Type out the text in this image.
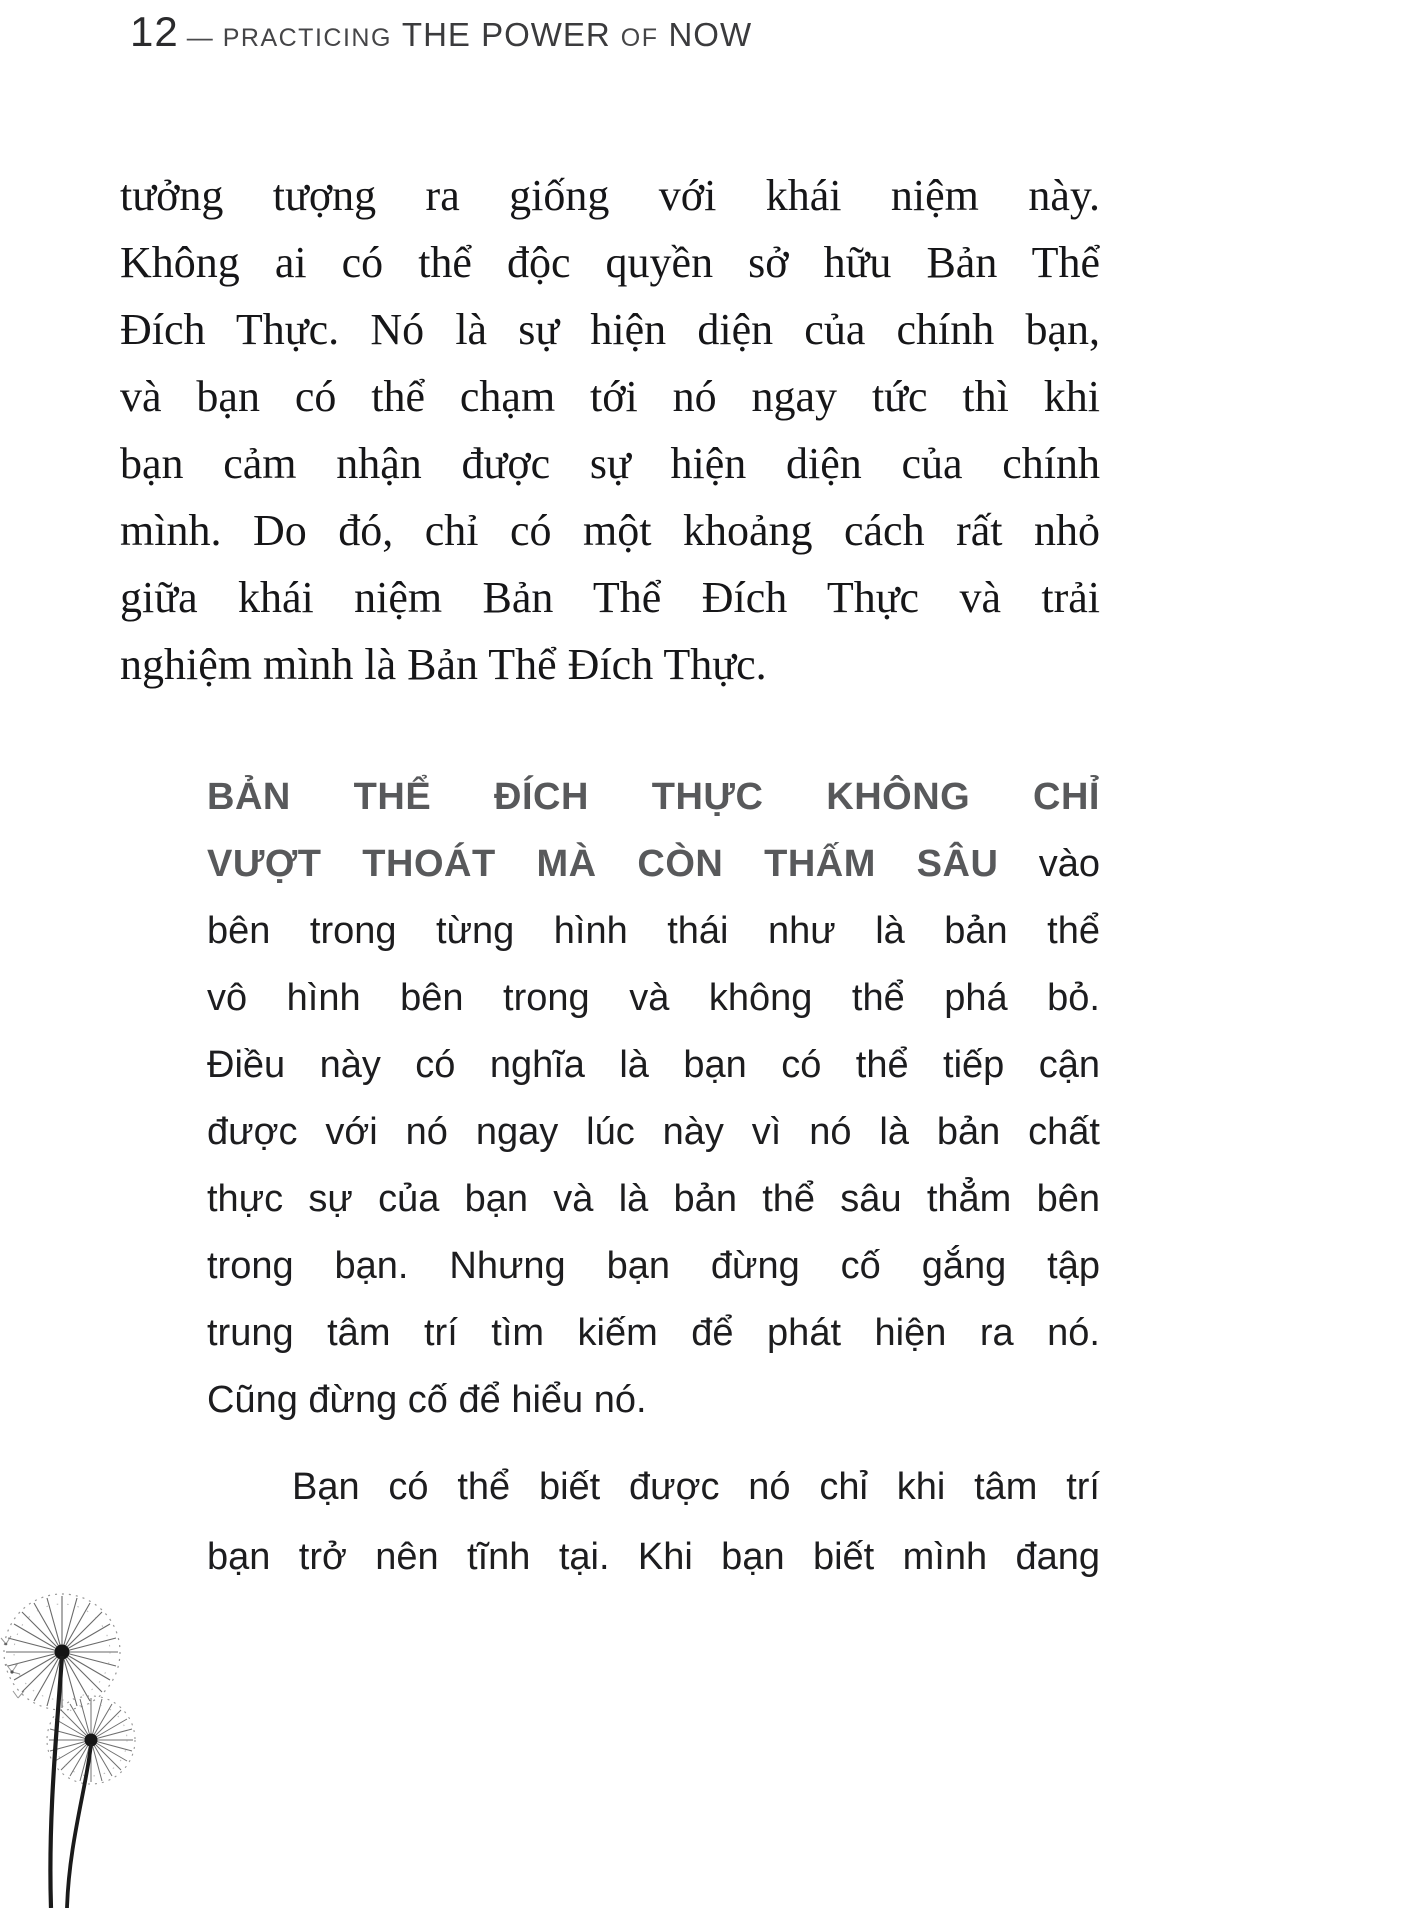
12 — PRACTICING THE POWER OF NOW
tưởng tượng ra giống với khái niệm này.
Không ai có thể độc quyền sở hữu Bản Thể
Đích Thực. Nó là sự hiện diện của chính bạn,
và bạn có thể chạm tới nó ngay tức thì khi
bạn cảm nhận được sự hiện diện của chính
mình. Do đó, chỉ có một khoảng cách rất nhỏ
giữa khái niệm Bản Thể Đích Thực và trải
nghiệm mình là Bản Thể Đích Thực.
BẢN THỂ ĐÍCH THỰC KHÔNG CHỈ
VƯỢT THOÁT MÀ CÒN THẤM SÂU vào
bên trong từng hình thái như là bản thể
vô hình bên trong và không thể phá bỏ.
Điều này có nghĩa là bạn có thể tiếp cận
được với nó ngay lúc này vì nó là bản chất
thực sự của bạn và là bản thể sâu thẳm bên
trong bạn. Nhưng bạn đừng cố gắng tập
trung tâm trí tìm kiếm để phát hiện ra nó.
Cũng đừng cố để hiểu nó.
Bạn có thể biết được nó chỉ khi tâm trí
bạn trở nên tĩnh tại. Khi bạn biết mình đang
